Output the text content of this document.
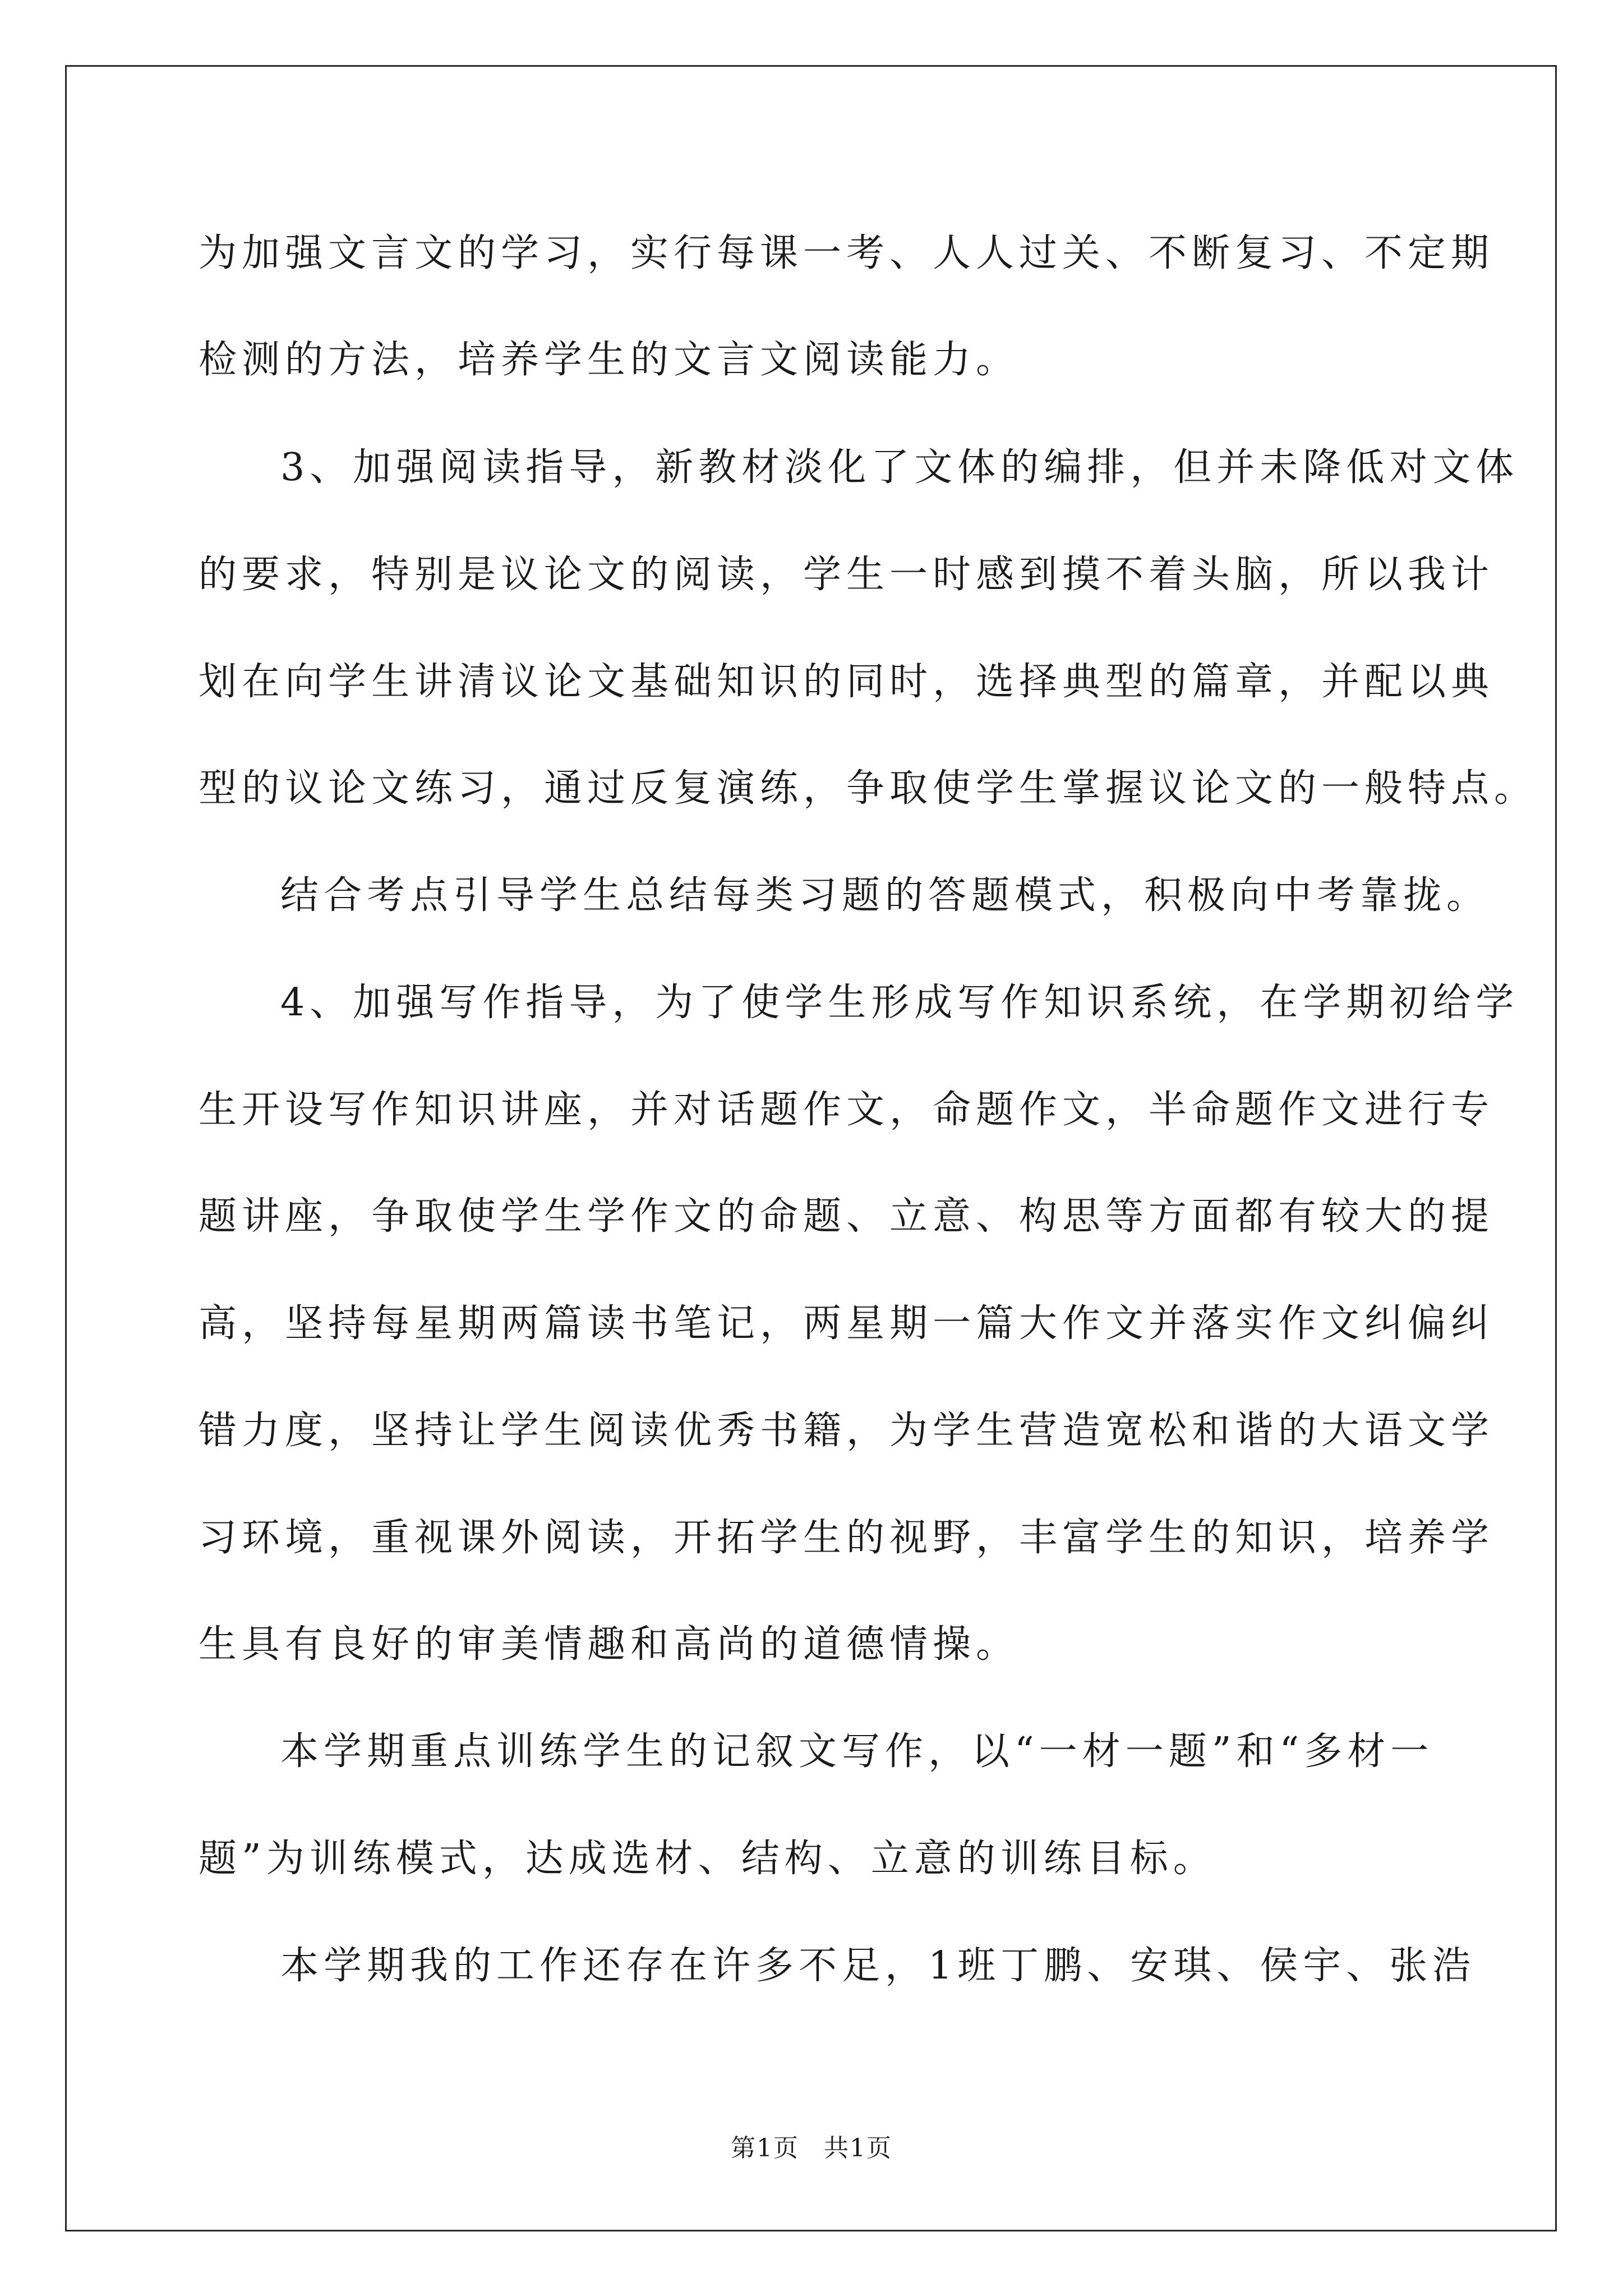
为加强文言文的学习，实行每课一考、人人过关、不断复习、不定期
检测的方法，培养学生的文言文阅读能力。
3、加强阅读指导，新教材淡化了文体的编排，但并未降低对文体
的要求，特别是议论文的阅读，学生一时感到摸不着头脑，所以我计
划在向学生讲清议论文基础知识的同时，选择典型的篇章，并配以典
型的议论文练习，通过反复演练，争取使学生掌握议论文的一般特点。
结合考点引导学生总结每类习题的答题模式，积极向中考靠拢。
4、加强写作指导，为了使学生形成写作知识系统，在学期初给学
生开设写作知识讲座，并对话题作文，命题作文，半命题作文进行专
题讲座，争取使学生学作文的命题、立意、构思等方面都有较大的提
高，坚持每星期两篇读书笔记，两星期一篇大作文并落实作文纠偏纠
错力度，坚持让学生阅读优秀书籍，为学生营造宽松和谐的大语文学
习环境，重视课外阅读，开拓学生的视野，丰富学生的知识，培养学
生具有良好的审美情趣和高尚的道德情操。
本学期重点训练学生的记叙文写作，以“一材一题”和“多材一
题”为训练模式，达成选材、结构、立意的训练目标。
本学期我的工作还存在许多不足，1班丁鹏、安琪、侯宇、张浩
第1页 共1页
